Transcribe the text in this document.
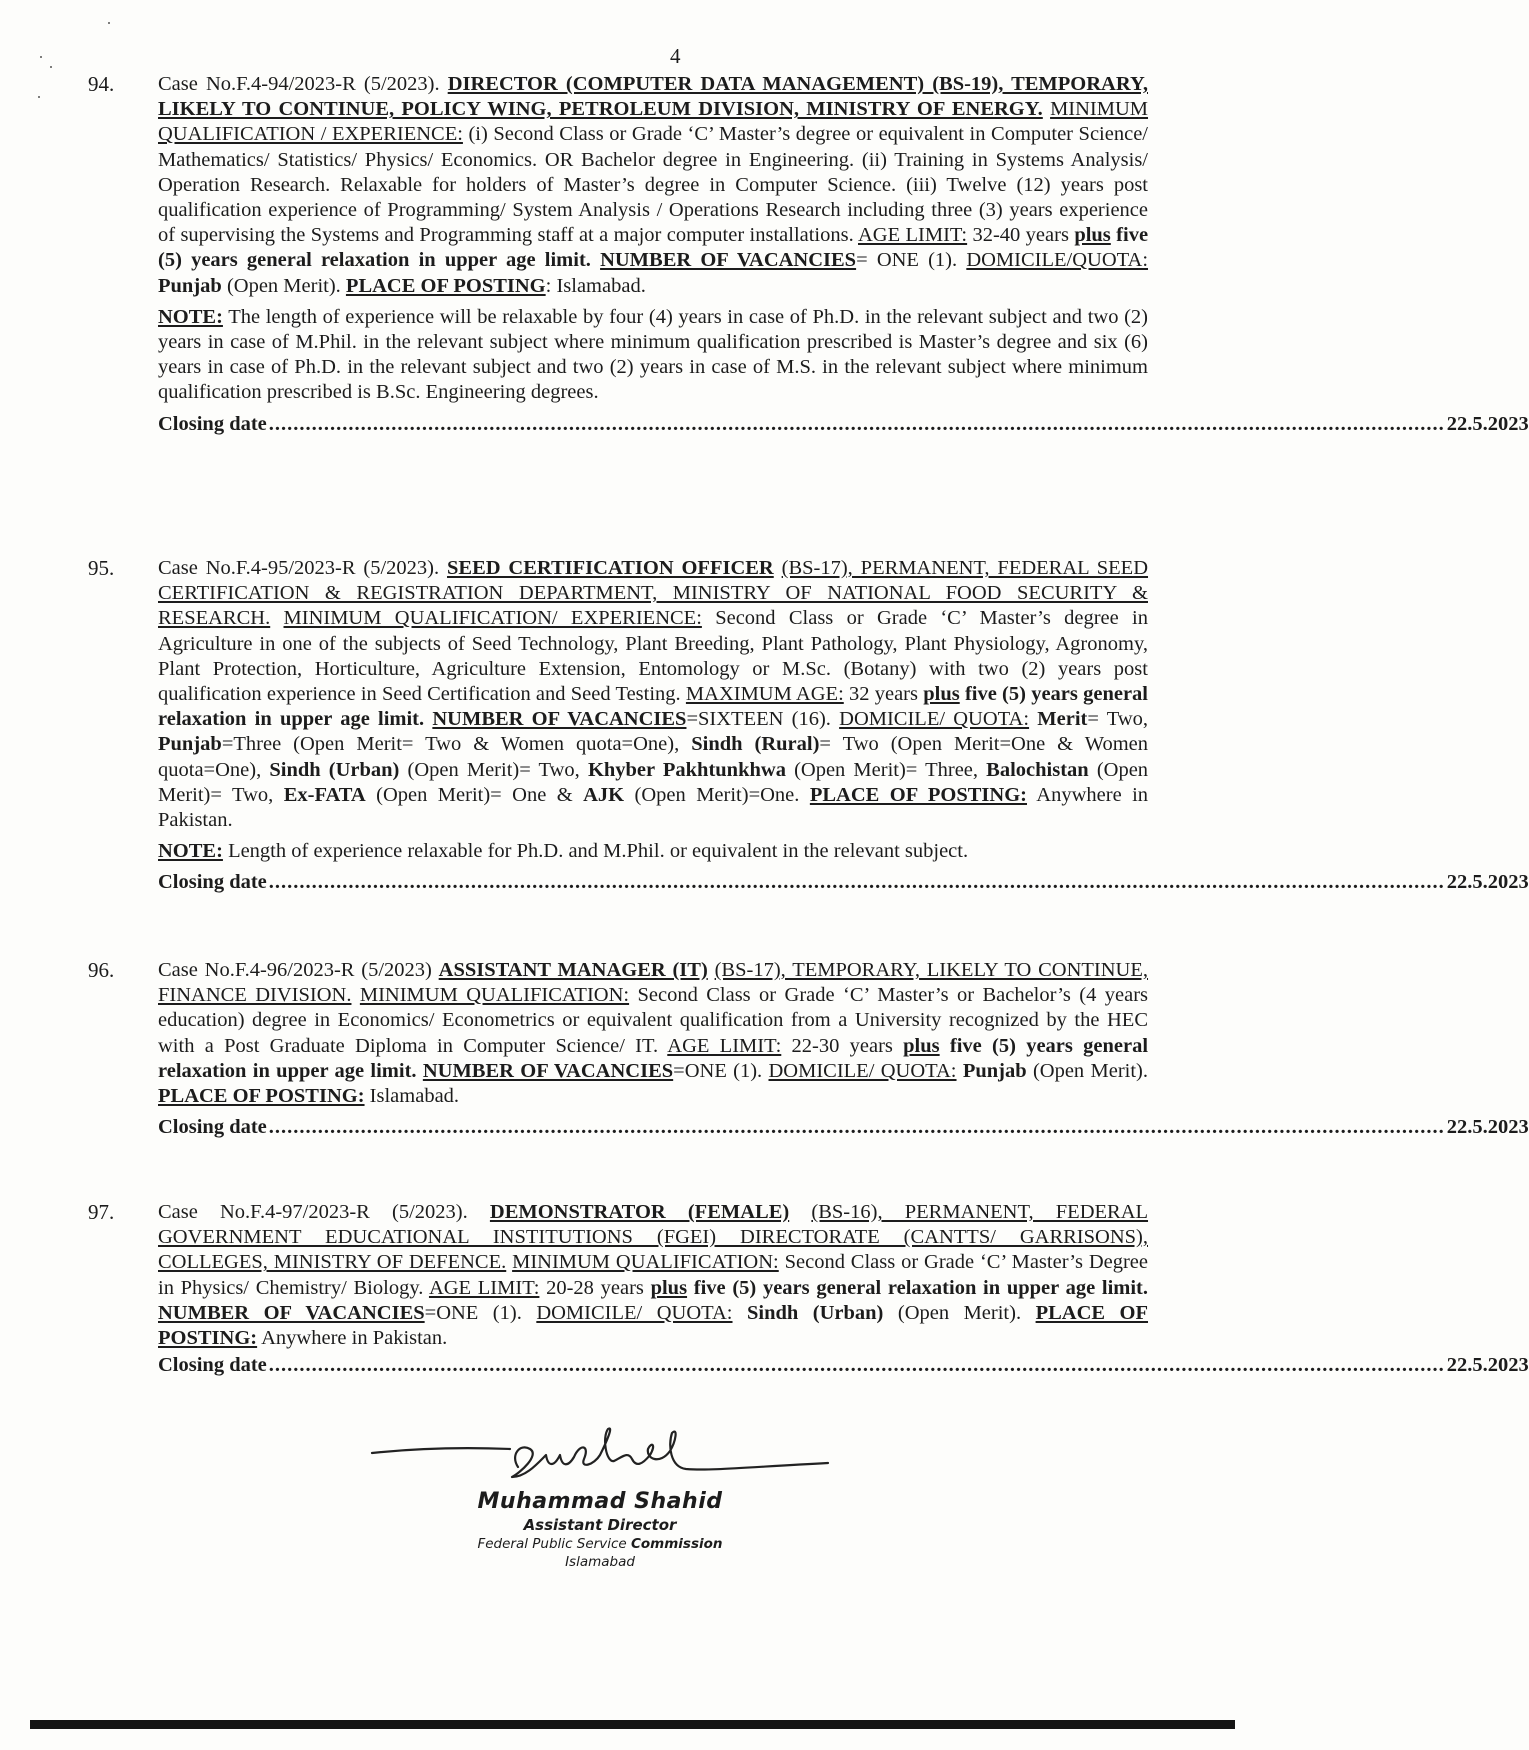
4
94. Case No.F.4-94/2023-R (5/2023). DIRECTOR (COMPUTER DATA MANAGEMENT) (BS-19), TEMPORARY, LIKELY TO CONTINUE, POLICY WING, PETROLEUM DIVISION, MINISTRY OF ENERGY. MINIMUM QUALIFICATION / EXPERIENCE: (i) Second Class or Grade ‘C’ Master’s degree or equivalent in Computer Science/ Mathematics/ Statistics/ Physics/ Economics. OR Bachelor degree in Engineering. (ii) Training in Systems Analysis/ Operation Research. Relaxable for holders of Master’s degree in Computer Science. (iii) Twelve (12) years post qualification experience of Programming/ System Analysis / Operations Research including three (3) years experience of supervising the Systems and Programming staff at a major computer installations. AGE LIMIT: 32-40 years plus five (5) years general relaxation in upper age limit. NUMBER OF VACANCIES= ONE (1). DOMICILE/QUOTA: Punjab (Open Merit). PLACE OF POSTING: Islamabad.

NOTE: The length of experience will be relaxable by four (4) years in case of Ph.D. in the relevant subject and two (2) years in case of M.Phil. in the relevant subject where minimum qualification prescribed is Master’s degree and six (6) years in case of Ph.D. in the relevant subject and two (2) years in case of M.S. in the relevant subject where minimum qualification prescribed is B.Sc. Engineering degrees.

Closing date ................................................................................................................................................................................................ 22.5.2023
95. Case No.F.4-95/2023-R (5/2023). SEED CERTIFICATION OFFICER (BS-17), PERMANENT, FEDERAL SEED CERTIFICATION & REGISTRATION DEPARTMENT, MINISTRY OF NATIONAL FOOD SECURITY & RESEARCH. MINIMUM QUALIFICATION/ EXPERIENCE: Second Class or Grade ‘C’ Master’s degree in Agriculture in one of the subjects of Seed Technology, Plant Breeding, Plant Pathology, Plant Physiology, Agronomy, Plant Protection, Horticulture, Agriculture Extension, Entomology or M.Sc. (Botany) with two (2) years post qualification experience in Seed Certification and Seed Testing. MAXIMUM AGE: 32 years plus five (5) years general relaxation in upper age limit. NUMBER OF VACANCIES=SIXTEEN (16). DOMICILE/ QUOTA: Merit= Two, Punjab=Three (Open Merit= Two & Women quota=One), Sindh (Rural)= Two (Open Merit=One & Women quota=One), Sindh (Urban) (Open Merit)= Two, Khyber Pakhtunkhwa (Open Merit)= Three, Balochistan (Open Merit)= Two, Ex-FATA (Open Merit)= One & AJK (Open Merit)=One. PLACE OF POSTING: Anywhere in Pakistan.

NOTE: Length of experience relaxable for Ph.D. and M.Phil. or equivalent in the relevant subject.

Closing date ................................................................................................................................................................................................ 22.5.2023
96. Case No.F.4-96/2023-R (5/2023) ASSISTANT MANAGER (IT) (BS-17), TEMPORARY, LIKELY TO CONTINUE, FINANCE DIVISION. MINIMUM QUALIFICATION: Second Class or Grade ‘C’ Master’s or Bachelor’s (4 years education) degree in Economics/ Econometrics or equivalent qualification from a University recognized by the HEC with a Post Graduate Diploma in Computer Science/ IT. AGE LIMIT: 22-30 years plus five (5) years general relaxation in upper age limit. NUMBER OF VACANCIES=ONE (1). DOMICILE/ QUOTA: Punjab (Open Merit). PLACE OF POSTING: Islamabad.

Closing date ................................................................................................................................................................................................ 22.5.2023
97. Case No.F.4-97/2023-R (5/2023). DEMONSTRATOR (FEMALE) (BS-16), PERMANENT, FEDERAL GOVERNMENT EDUCATIONAL INSTITUTIONS (FGEI) DIRECTORATE (CANTTS/ GARRISONS), COLLEGES, MINISTRY OF DEFENCE. MINIMUM QUALIFICATION: Second Class or Grade ‘C’ Master’s Degree in Physics/ Chemistry/ Biology. AGE LIMIT: 20-28 years plus five (5) years general relaxation in upper age limit. NUMBER OF VACANCIES=ONE (1). DOMICILE/ QUOTA: Sindh (Urban) (Open Merit). PLACE OF POSTING: Anywhere in Pakistan.

Closing date ................................................................................................................................................................................................ 22.5.2023
Muhammad Shahid
Assistant Director
Federal Public Service Commission
Islamabad
